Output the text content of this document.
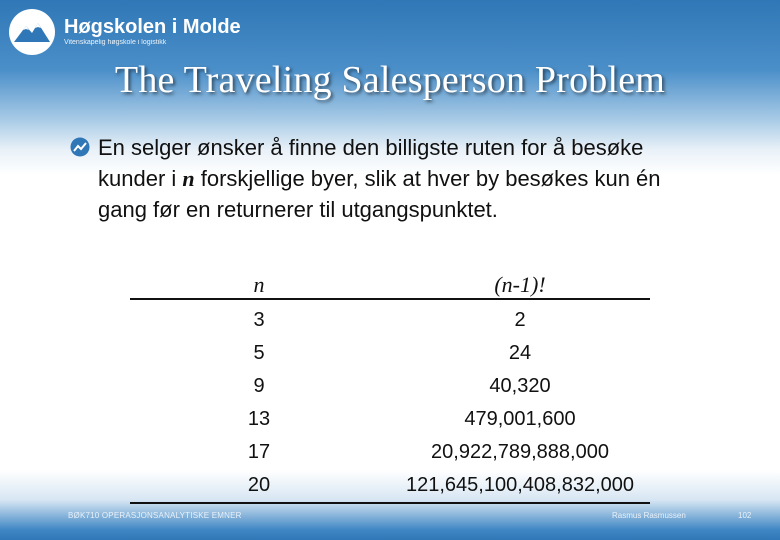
Høgskolen i Molde
Vitenskapelig høgskole i logistikk
The Traveling Salesperson Problem
En selger ønsker å finne den billigste ruten for å besøke kunder i n forskjellige byer, slik at hver by besøkes kun én gang før en returnerer til utgangspunktet.
n	(n-1)!
3	2
5	24
9	40,320
13	479,001,600
17	20,922,789,888,000
20	121,645,100,408,832,000
BØK710 OPERASJONSANALYTISKE EMNER	Rasmus Rasmussen	102
